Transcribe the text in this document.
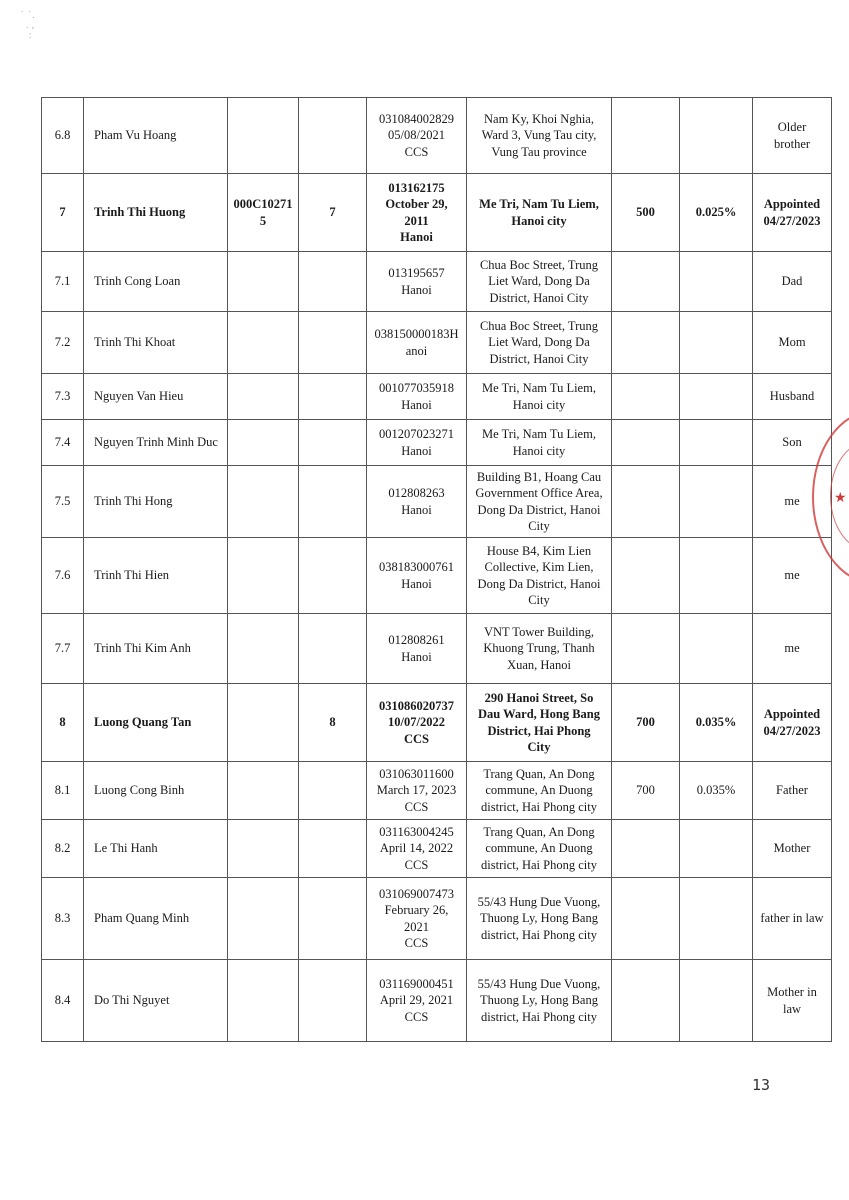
˙ ˙.
. ,
:
6.8	Pham Vu Hoang			031084002829
05/08/2021
CCS	Nam Ky, Khoi Nghia,
Ward 3, Vung Tau city,
Vung Tau province			Older
brother
7	Trinh Thi Huong	000C10271
5	7	013162175
October 29,
2011
Hanoi	Me Tri, Nam Tu Liem,
Hanoi city	500	0.025%	Appointed
04/27/2023
7.1	Trinh Cong Loan			013195657
Hanoi	Chua Boc Street, Trung
Liet Ward, Dong Da
District, Hanoi City			Dad
7.2	Trinh Thi Khoat			038150000183H
anoi	Chua Boc Street, Trung
Liet Ward, Dong Da
District, Hanoi City			Mom
7.3	Nguyen Van Hieu			001077035918
Hanoi	Me Tri, Nam Tu Liem,
Hanoi city			Husband
7.4	Nguyen Trinh Minh Duc			001207023271
Hanoi	Me Tri, Nam Tu Liem,
Hanoi city			Son
7.5	Trinh Thi Hong			012808263
Hanoi	Building B1, Hoang Cau
Government Office Area,
Dong Da District, Hanoi
City			me
7.6	Trinh Thi Hien			038183000761
Hanoi	House B4, Kim Lien
Collective, Kim Lien,
Dong Da District, Hanoi
City			me
7.7	Trinh Thi Kim Anh			012808261
Hanoi	VNT Tower Building,
Khuong Trung, Thanh
Xuan, Hanoi			me
8	Luong Quang Tan		8	031086020737
10/07/2022
CCS	290 Hanoi Street, So
Dau Ward, Hong Bang
District, Hai Phong
City	700	0.035%	Appointed
04/27/2023
8.1	Luong Cong Binh			031063011600
March 17, 2023
CCS	Trang Quan, An Dong
commune, An Duong
district, Hai Phong city	700	0.035%	Father
8.2	Le Thi Hanh			031163004245
April 14, 2022
CCS	Trang Quan, An Dong
commune, An Duong
district, Hai Phong city			Mother
8.3	Pham Quang Minh			031069007473
February 26,
2021
CCS	55/43 Hung Due Vuong,
Thuong Ly, Hong Bang
district, Hai Phong city			father in law
8.4	Do Thi Nguyet			031169000451
April 29, 2021
CCS	55/43 Hung Due Vuong,
Thuong Ly, Hong Bang
district, Hai Phong city			Mother in
law
★
13
